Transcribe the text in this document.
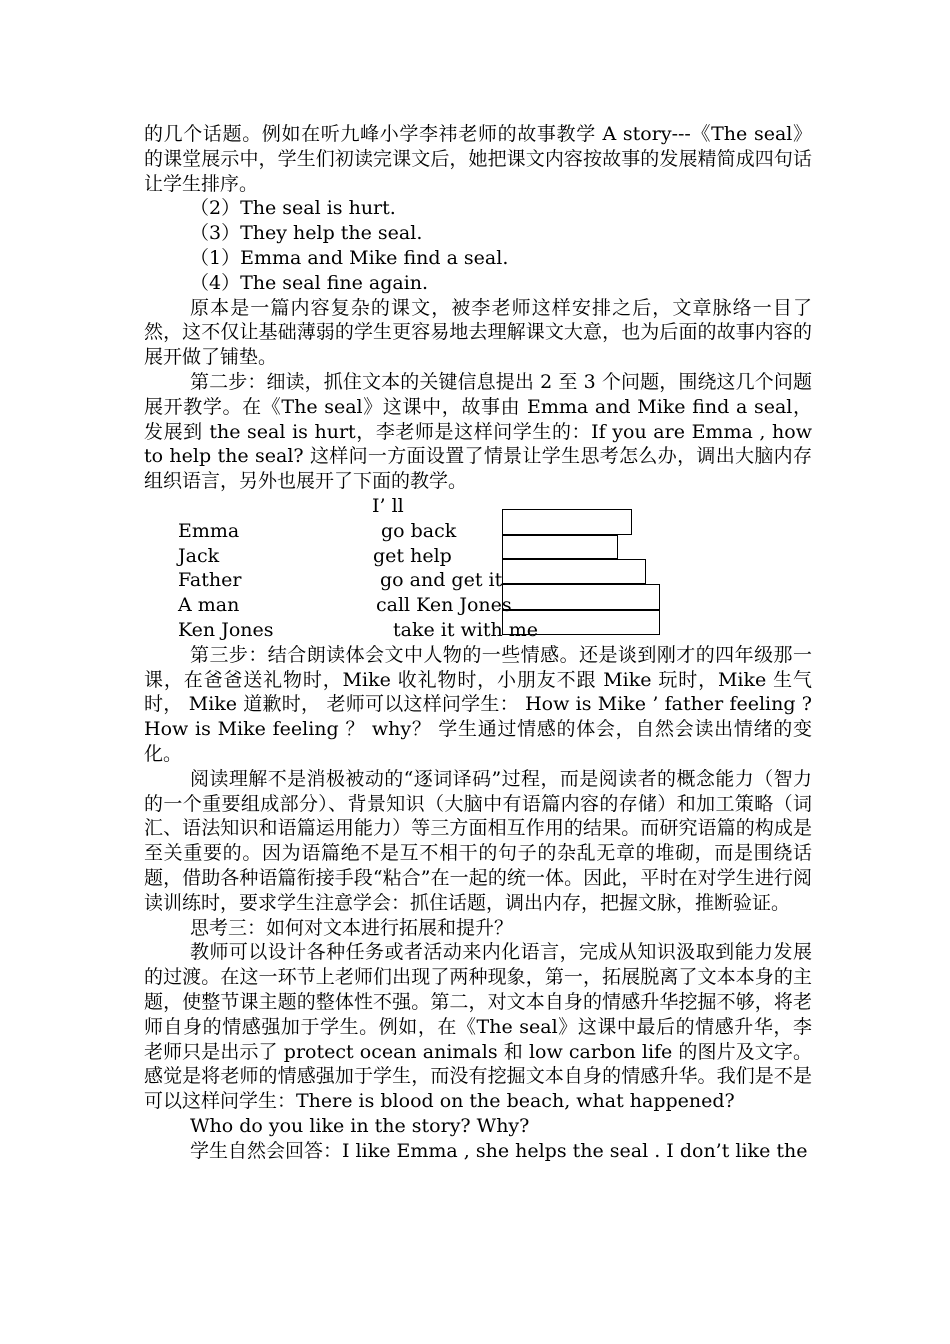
的几个话题。例如在听九峰小学李祎老师的故事教学 A story---《The seal》的课堂展示中，学生们初读完课文后，她把课文内容按故事的发展精简成四句话让学生排序。

（2）The seal is hurt.

（3）They help the seal.

（1）Emma and Mike find a seal.

（4）The seal fine again.

原本是一篇内容复杂的课文，被李老师这样安排之后，文章脉络一目了然，这不仅让基础薄弱的学生更容易地去理解课文大意，也为后面的故事内容的展开做了铺垫。

第二步：细读，抓住文本的关键信息提出 2 至 3 个问题，围绕这几个问题展开教学。在《The seal》这课中，故事由 Emma and Mike find a seal，发展到 the seal is hurt，李老师是这样问学生的：If you are Emma , how to help the seal? 这样问一方面设置了情景让学生思考怎么办，调出大脑内存组织语言，另外也展开了下面的教学。

I’ ll
Emma	go back
Jack	get help
Father	go and get it
A man	call Ken Jones
Ken Jones	take it with me

第三步：结合朗读体会文中人物的一些情感。还是谈到刚才的四年级那一课，在爸爸送礼物时，Mike 收礼物时，小朋友不跟 Mike 玩时，Mike 生气时， Mike 道歉时， 老师可以这样问学生： How is Mike ’ father feeling ? How is Mike feeling ？ why？ 学生通过情感的体会，自然会读出情绪的变化。

阅读理解不是消极被动的“逐词译码”过程，而是阅读者的概念能力（智力的一个重要组成部分）、背景知识（大脑中有语篇内容的存储）和加工策略（词汇、语法知识和语篇运用能力）等三方面相互作用的结果。而研究语篇的构成是至关重要的。因为语篇绝不是互不相干的句子的杂乱无章的堆砌，而是围绕话题，借助各种语篇衔接手段“粘合”在一起的统一体。因此，平时在对学生进行阅读训练时，要求学生注意学会：抓住话题，调出内存，把握文脉，推断验证。

思考三：如何对文本进行拓展和提升？

教师可以设计各种任务或者活动来内化语言，完成从知识汲取到能力发展的过渡。在这一环节上老师们出现了两种现象，第一，拓展脱离了文本本身的主题，使整节课主题的整体性不强。第二，对文本自身的情感升华挖掘不够，将老师自身的情感强加于学生。例如，在《The seal》这课中最后的情感升华，李老师只是出示了 protect ocean animals 和 low carbon life 的图片及文字。感觉是将老师的情感强加于学生，而没有挖掘文本自身的情感升华。我们是不是可以这样问学生：There is blood on the beach, what happened?

Who do you like in the story? Why?

学生自然会回答：I like Emma , she helps the seal . I don’t like the
